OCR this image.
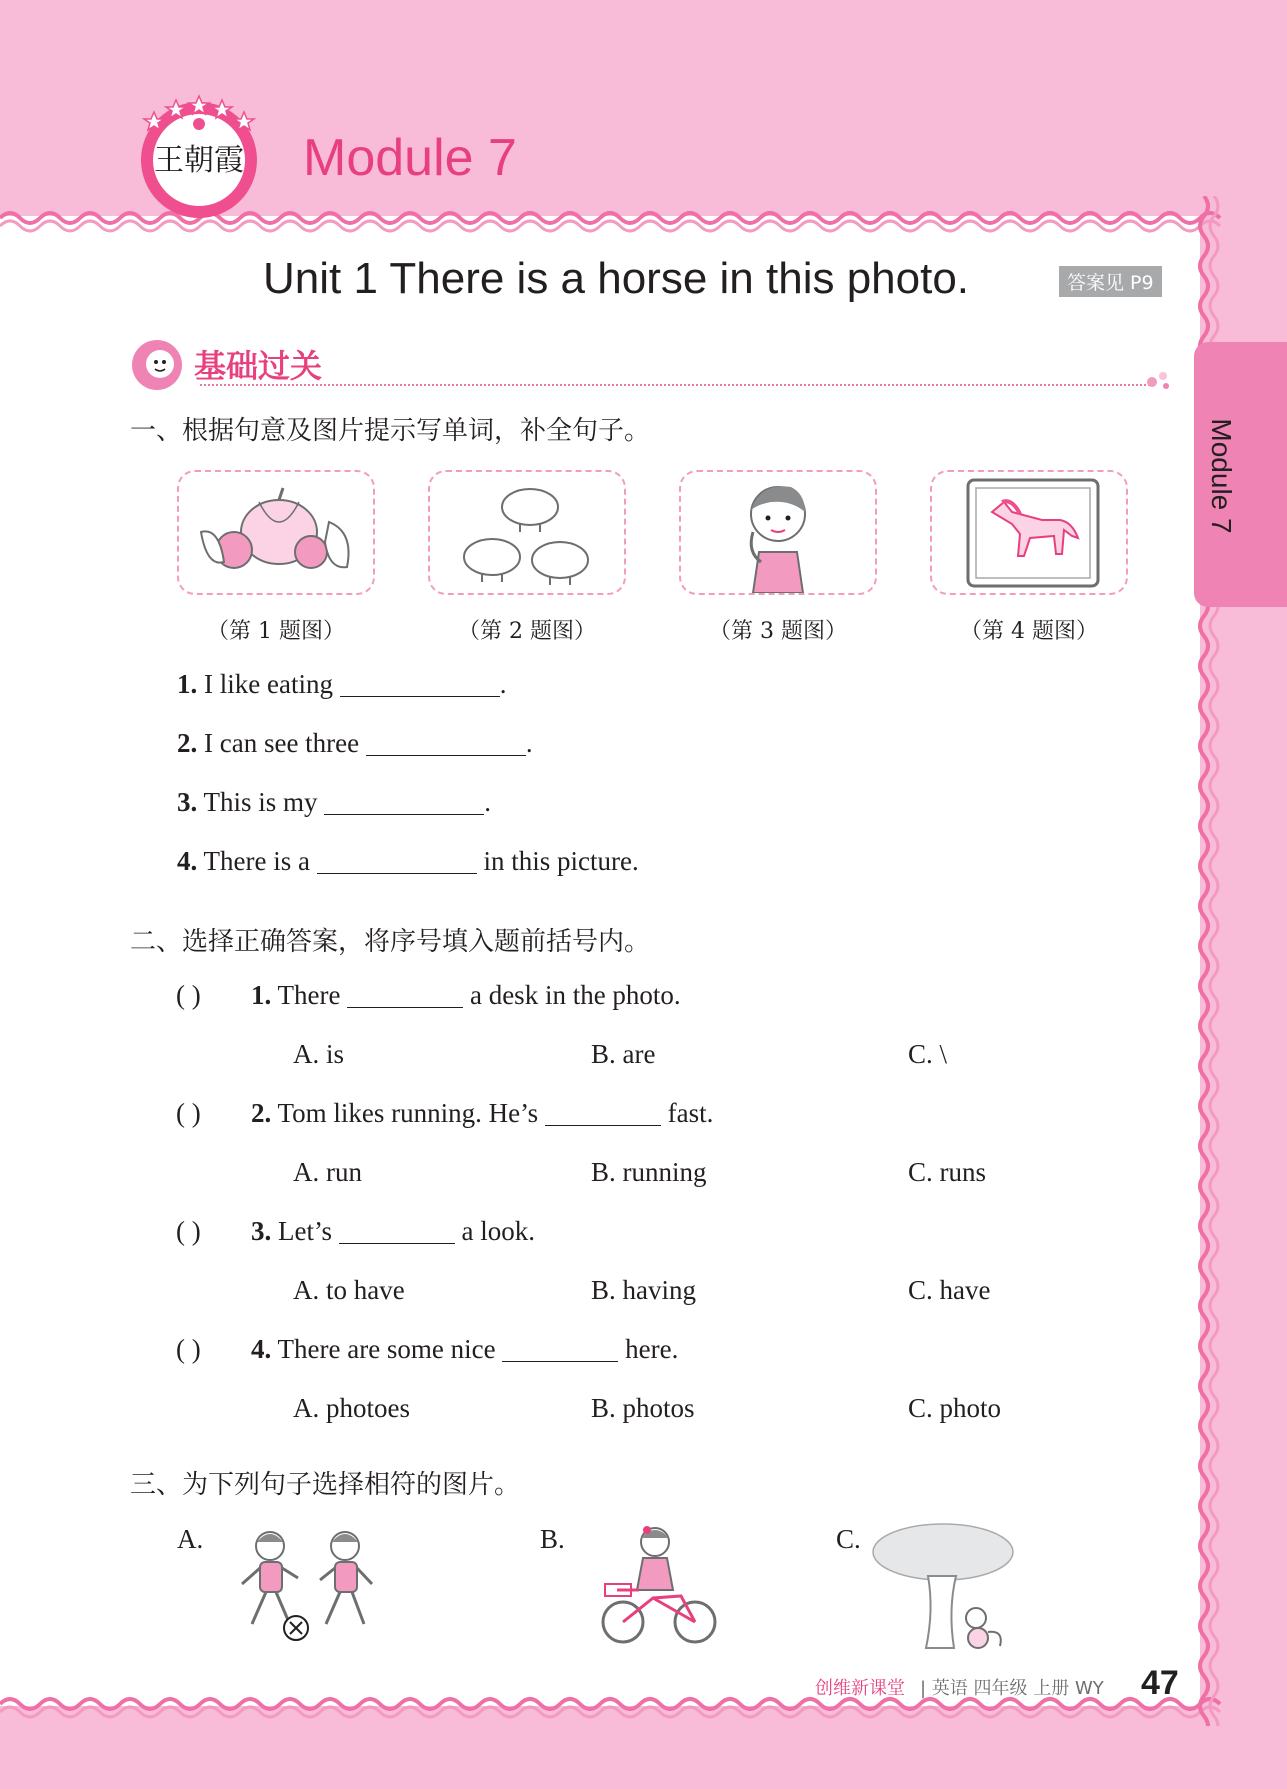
Module 7
王朝霞 Module 7
Unit 1 There is a horse in this photo.	答案见 P9
基础过关
一、根据句意及图片提示写单词，补全句子。
（第 1 题图）	（第 2 题图）	（第 3 题图）	（第 4 题图）
1. I like eating	.
2. I can see three	.
3. This is my	.
4. There is a	in this picture.
二、选择正确答案，将序号填入题前括号内。
( ) 1. There	a desk in the photo.
A. is	B. are	C. \
( ) 2. Tom likes running. He’s	fast.
A. run	B. running	C. runs
( ) 3. Let’s	a look.
A. to have	B. having	C. have
( ) 4. There are some nice	here.
A. photoes	B. photos	C. photo
三、为下列句子选择相符的图片。
A.	B.	C.
创维新课堂 | 英语 四年级 上册 WY 47
